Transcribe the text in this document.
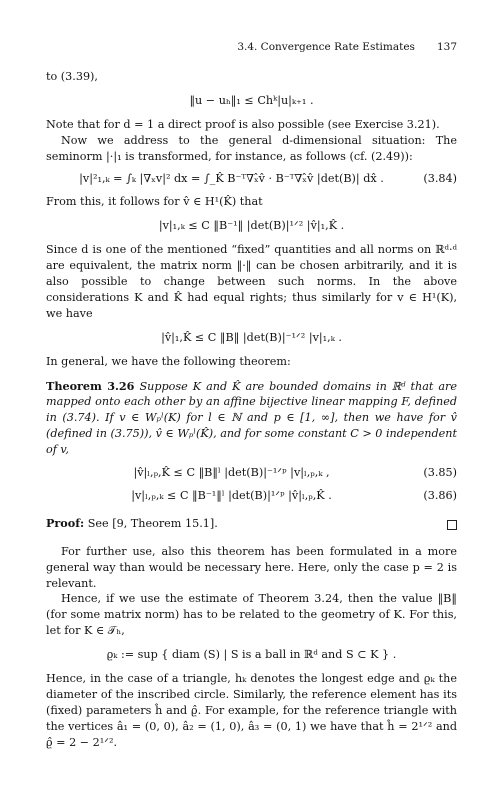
3.4. Convergence Rate Estimates 137

to (3.39),

‖u − uₕ‖₁ ≤ Chᵏ|u|ₖ₊₁ .

Note that for d = 1 a direct proof is also possible (see Exercise 3.21).

Now we address to the general d-dimensional situation: The seminorm |·|₁ is transformed, for instance, as follows (cf. (2.49)):

|v|²₁,ₖ = ∫ₖ |∇ₓv|² dx = ∫_K̂ B⁻ᵀ∇ₓ̂v̂ · B⁻ᵀ∇ₓ̂v̂ |det(B)| dx̂ .	(3.84)

From this, it follows for v̂ ∈ H¹(K̂) that

|v|₁,ₖ ≤ C ‖B⁻¹‖ |det(B)|¹ᐟ² |v̂|₁,K̂ .

Since d is one of the mentioned “fixed” quantities and all norms on ℝᵈ·ᵈ are equivalent, the matrix norm ‖·‖ can be chosen arbitrarily, and it is also possible to change between such norms. In the above considerations K and K̂ had equal rights; thus similarly for v ∈ H¹(K), we have

|v̂|₁,K̂ ≤ C ‖B‖ |det(B)|⁻¹ᐟ² |v|₁,ₖ .

In general, we have the following theorem:

Theorem 3.26 Suppose K and K̂ are bounded domains in ℝᵈ that are mapped onto each other by an affine bijective linear mapping F, defined in (3.74). If v ∈ Wₚˡ(K) for l ∈ ℕ and p ∈ [1, ∞], then we have for v̂ (defined in (3.75)), v̂ ∈ Wₚˡ(K̂), and for some constant C > 0 independent of v,

|v̂|ₗ,ₚ,K̂ ≤ C ‖B‖ˡ |det(B)|⁻¹ᐟᵖ |v|ₗ,ₚ,ₖ ,	(3.85)
|v|ₗ,ₚ,ₖ ≤ C ‖B⁻¹‖ˡ |det(B)|¹ᐟᵖ |v̂|ₗ,ₚ,K̂ .	(3.86)
Proof: See [9, Theorem 15.1].

For further use, also this theorem has been formulated in a more general way than would be necessary here. Here, only the case p = 2 is relevant.

Hence, if we use the estimate of Theorem 3.24, then the value ‖B‖ (for some matrix norm) has to be related to the geometry of K. For this, let for K ∈ 𝒯ₕ,

ϱₖ := sup { diam (S) | S is a ball in ℝᵈ and S ⊂ K } .

Hence, in the case of a triangle, hₖ denotes the longest edge and ϱₖ the diameter of the inscribed circle. Similarly, the reference element has its (fixed) parameters ĥ and ϱ̂. For example, for the reference triangle with the vertices â₁ = (0, 0), â₂ = (1, 0), â₃ = (0, 1) we have that ĥ = 2¹ᐟ² and ϱ̂ = 2 − 2¹ᐟ².
